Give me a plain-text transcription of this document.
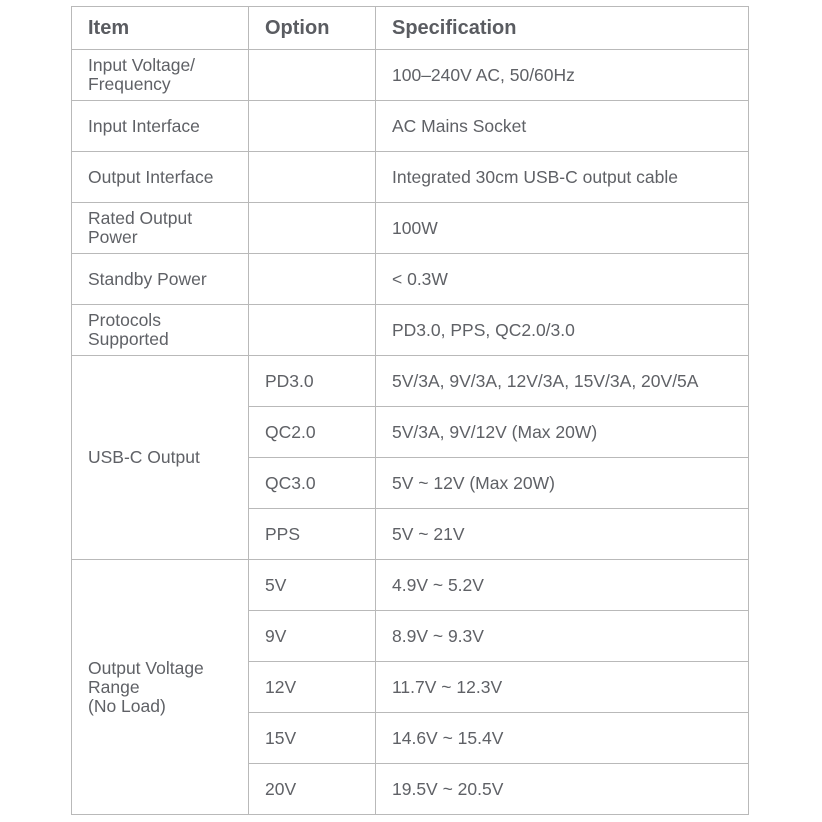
Item	Option	Specification
Input Voltage/
Frequency		100–240V AC, 50/60Hz
Input Interface		AC Mains Socket
Output Interface		Integrated 30cm USB-C output cable
Rated Output
Power		100W
Standby Power		< 0.3W
Protocols
Supported		PD3.0, PPS, QC2.0/3.0
USB-C Output	PD3.0	5V/3A, 9V/3A, 12V/3A, 15V/3A, 20V/5A
	QC2.0	5V/3A, 9V/12V (Max 20W)
	QC3.0	5V ~ 12V (Max 20W)
	PPS	5V ~ 21V
Output Voltage
Range
(No Load)	5V	4.9V ~ 5.2V
	9V	8.9V ~ 9.3V
	12V	11.7V ~ 12.3V
	15V	14.6V ~ 15.4V
	20V	19.5V ~ 20.5V
